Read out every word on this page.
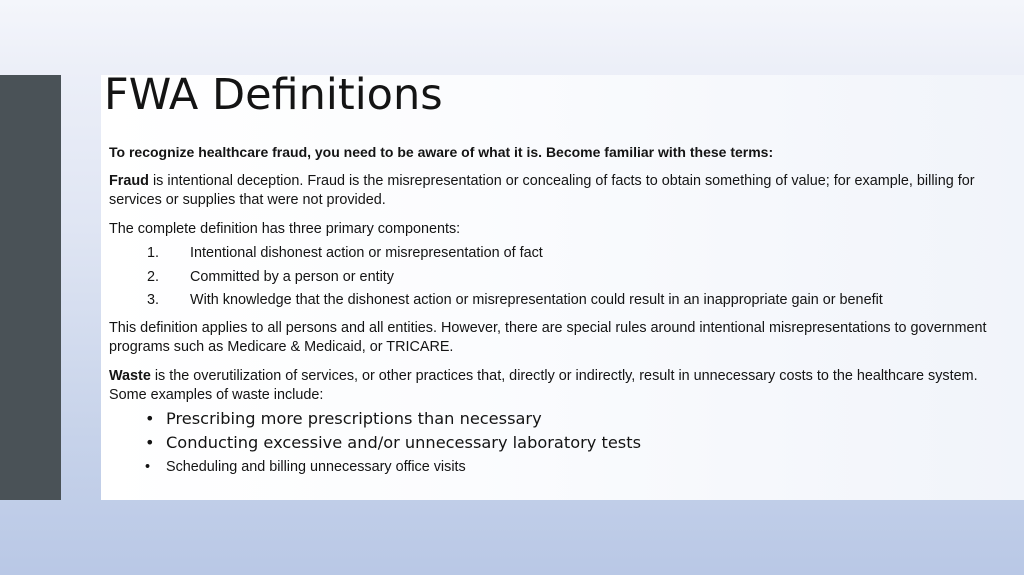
FWA Definitions

To recognize healthcare fraud, you need to be aware of what it is. Become familiar with these terms:

Fraud is intentional deception. Fraud is the misrepresentation or concealing of facts to obtain something of value; for example, billing for services or supplies that were not provided.

The complete definition has three primary components:

1. Intentional dishonest action or misrepresentation of fact
2. Committed by a person or entity
3. With knowledge that the dishonest action or misrepresentation could result in an inappropriate gain or benefit

This definition applies to all persons and all entities. However, there are special rules around intentional misrepresentations to government programs such as Medicare & Medicaid, or TRICARE.

Waste is the overutilization of services, or other practices that, directly or indirectly, result in unnecessary costs to the healthcare system. Some examples of waste include:

• Prescribing more prescriptions than necessary
• Conducting excessive and/or unnecessary laboratory tests
• Scheduling and billing unnecessary office visits
